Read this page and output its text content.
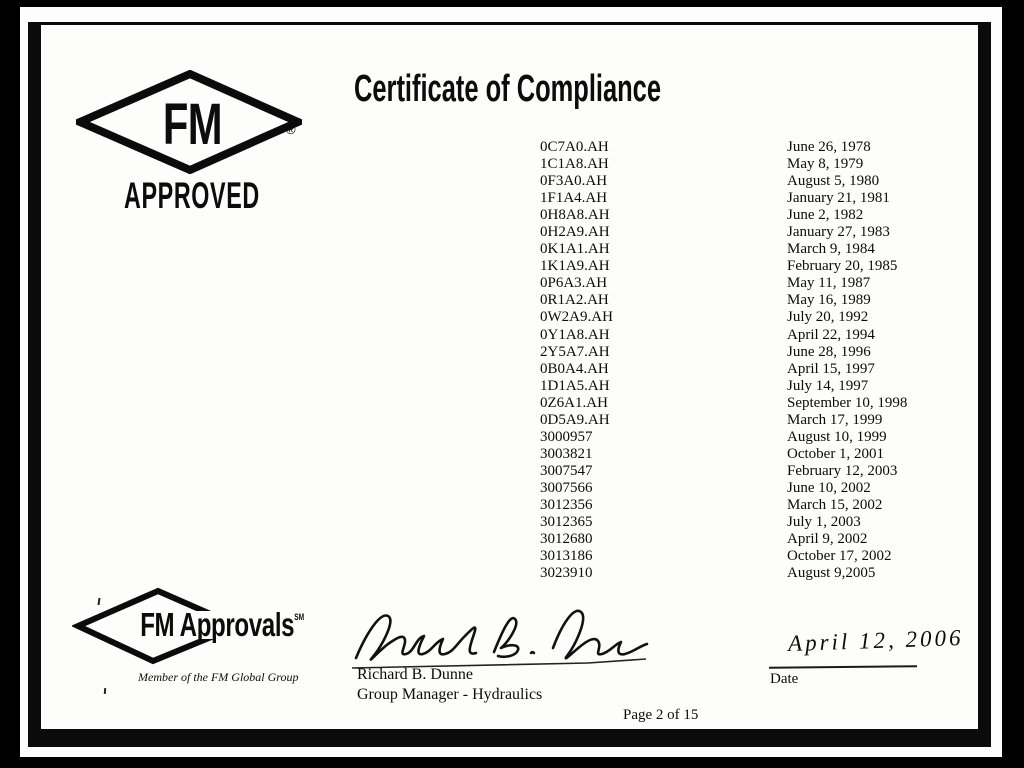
FM	®
APPROVED
Certificate of Compliance
0C7A0.AH	June 26, 1978
1C1A8.AH	May 8, 1979
0F3A0.AH	August 5, 1980
1F1A4.AH	January 21, 1981
0H8A8.AH	June 2, 1982
0H2A9.AH	January 27, 1983
0K1A1.AH	March 9, 1984
1K1A9.AH	February 20, 1985
0P6A3.AH	May 11, 1987
0R1A2.AH	May 16, 1989
0W2A9.AH	July 20, 1992
0Y1A8.AH	April 22, 1994
2Y5A7.AH	June 28, 1996
0B0A4.AH	April 15, 1997
1D1A5.AH	July 14, 1997
0Z6A1.AH	September 10, 1998
0D5A9.AH	March 17, 1999
3000957	August 10, 1999
3003821	October 1, 2001
3007547	February 12, 2003
3007566	June 10, 2002
3012356	March 15, 2002
3012365	July 1, 2003
3012680	April 9, 2002
3013186	October 17, 2002
3023910	August 9,2005
FM Approvals℠
Member of the FM Global Group	Richard B. Dunne
Group Manager - Hydraulics
April 12, 2006
Date
Page 2 of 15
